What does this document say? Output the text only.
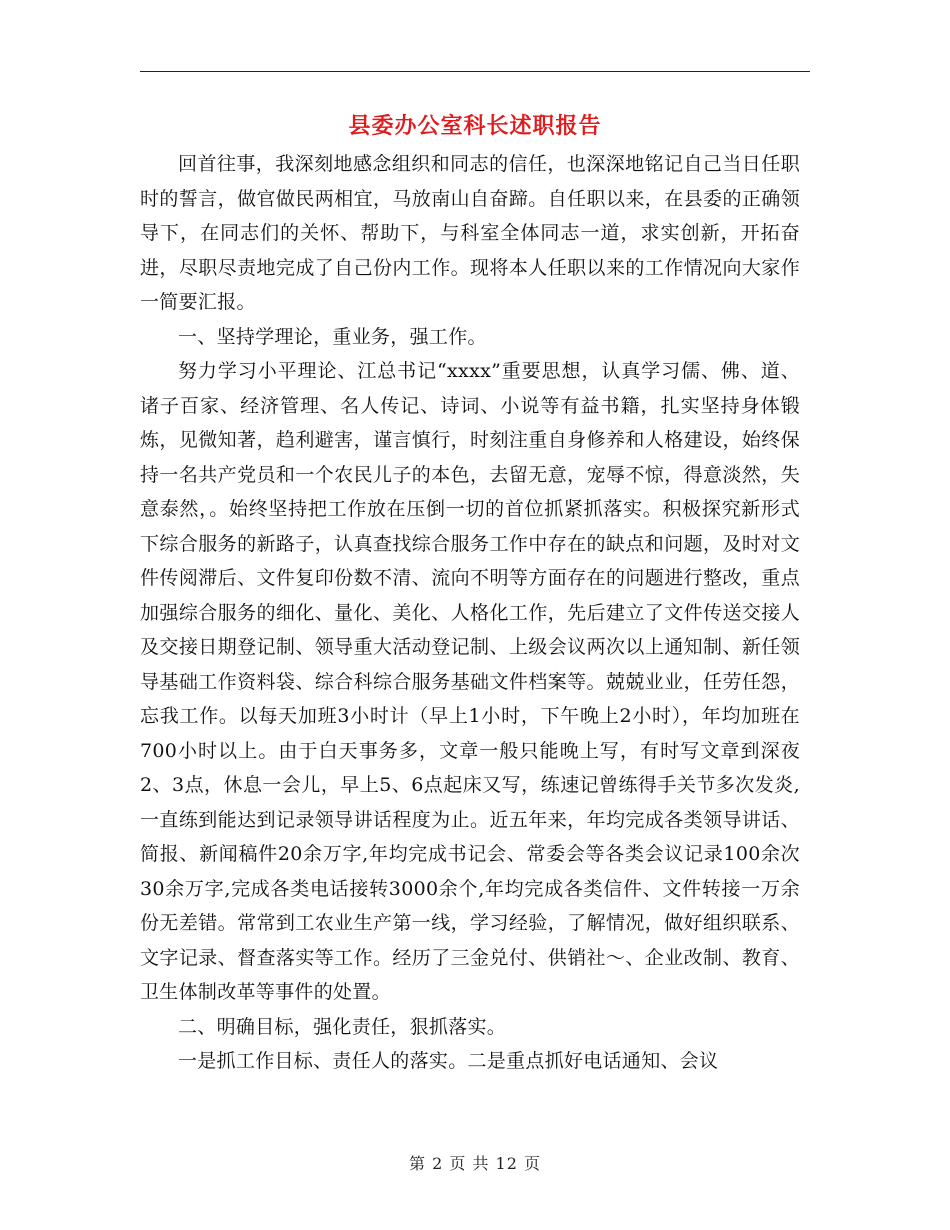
县委办公室科长述职报告

回首往事，我深刻地感念组织和同志的信任，也深深地铭记自己当日任职时的誓言，做官做民两相宜，马放南山自奋蹄。自任职以来，在县委的正确领导下，在同志们的关怀、帮助下，与科室全体同志一道，求实创新，开拓奋进，尽职尽责地完成了自己份内工作。现将本人任职以来的工作情况向大家作一简要汇报。

一、坚持学理论，重业务，强工作。

努力学习小平理论、江总书记“xxxx”重要思想，认真学习儒、佛、道、诸子百家、经济管理、名人传记、诗词、小说等有益书籍，扎实坚持身体锻炼，见微知著，趋利避害，谨言慎行，时刻注重自身修养和人格建设，始终保持一名共产党员和一个农民儿子的本色，去留无意，宠辱不惊，得意淡然，失意泰然，。始终坚持把工作放在压倒一切的首位抓紧抓落实。积极探究新形式下综合服务的新路子，认真查找综合服务工作中存在的缺点和问题，及时对文件传阅滞后、文件复印份数不清、流向不明等方面存在的问题进行整改，重点加强综合服务的细化、量化、美化、人格化工作，先后建立了文件传送交接人及交接日期登记制、领导重大活动登记制、上级会议两次以上通知制、新任领导基础工作资料袋、综合科综合服务基础文件档案等。兢兢业业，任劳任怨，忘我工作。以每天加班3小时计（早上1小时，下午晚上2小时），年均加班在700小时以上。由于白天事务多，文章一般只能晚上写，有时写文章到深夜2、3点，休息一会儿，早上5、6点起床又写，练速记曾练得手关节多次发炎,一直练到能达到记录领导讲话程度为止。近五年来，年均完成各类领导讲话、简报、新闻稿件20余万字,年均完成书记会、常委会等各类会议记录100余次30余万字,完成各类电话接转3000余个,年均完成各类信件、文件转接一万余份无差错。常常到工农业生产第一线，学习经验，了解情况，做好组织联系、文字记录、督查落实等工作。经历了三金兑付、供销社～、企业改制、教育、卫生体制改革等事件的处置。

二、明确目标，强化责任，狠抓落实。

一是抓工作目标、责任人的落实。二是重点抓好电话通知、会议

第 2 页 共 12 页
